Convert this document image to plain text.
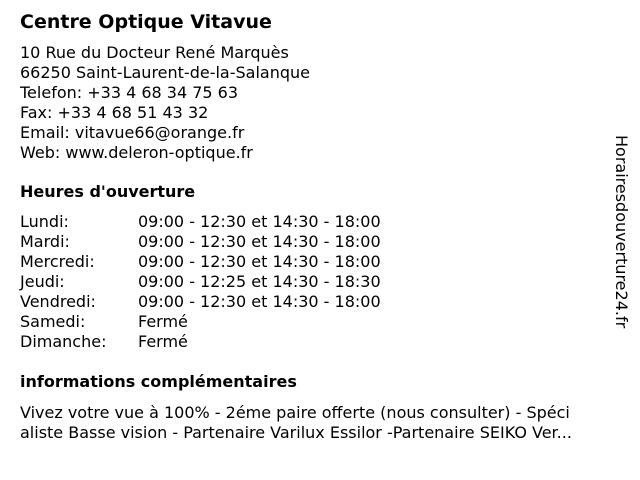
Centre Optique Vitavue
10 Rue du Docteur René Marquès
66250 Saint-Laurent-de-la-Salanque
Telefon: +33 4 68 34 75 63
Fax: +33 4 68 51 43 32
Email: vitavue66@orange.fr
Web: www.deleron-optique.fr
Heures d'ouverture
Lundi:	09:00 - 12:30 et 14:30 - 18:00
Mardi:	09:00 - 12:30 et 14:30 - 18:00
Mercredi:	09:00 - 12:30 et 14:30 - 18:00
Jeudi:	09:00 - 12:25 et 14:30 - 18:30
Vendredi:	09:00 - 12:30 et 14:30 - 18:00
Samedi:	Fermé
Dimanche:	Fermé
informations complémentaires
Vivez votre vue à 100% - 2éme paire offerte (nous consulter) - Spéci
aliste Basse vision - Partenaire Varilux Essilor -Partenaire SEIKO Ver...
Horairesdouverture24.fr
